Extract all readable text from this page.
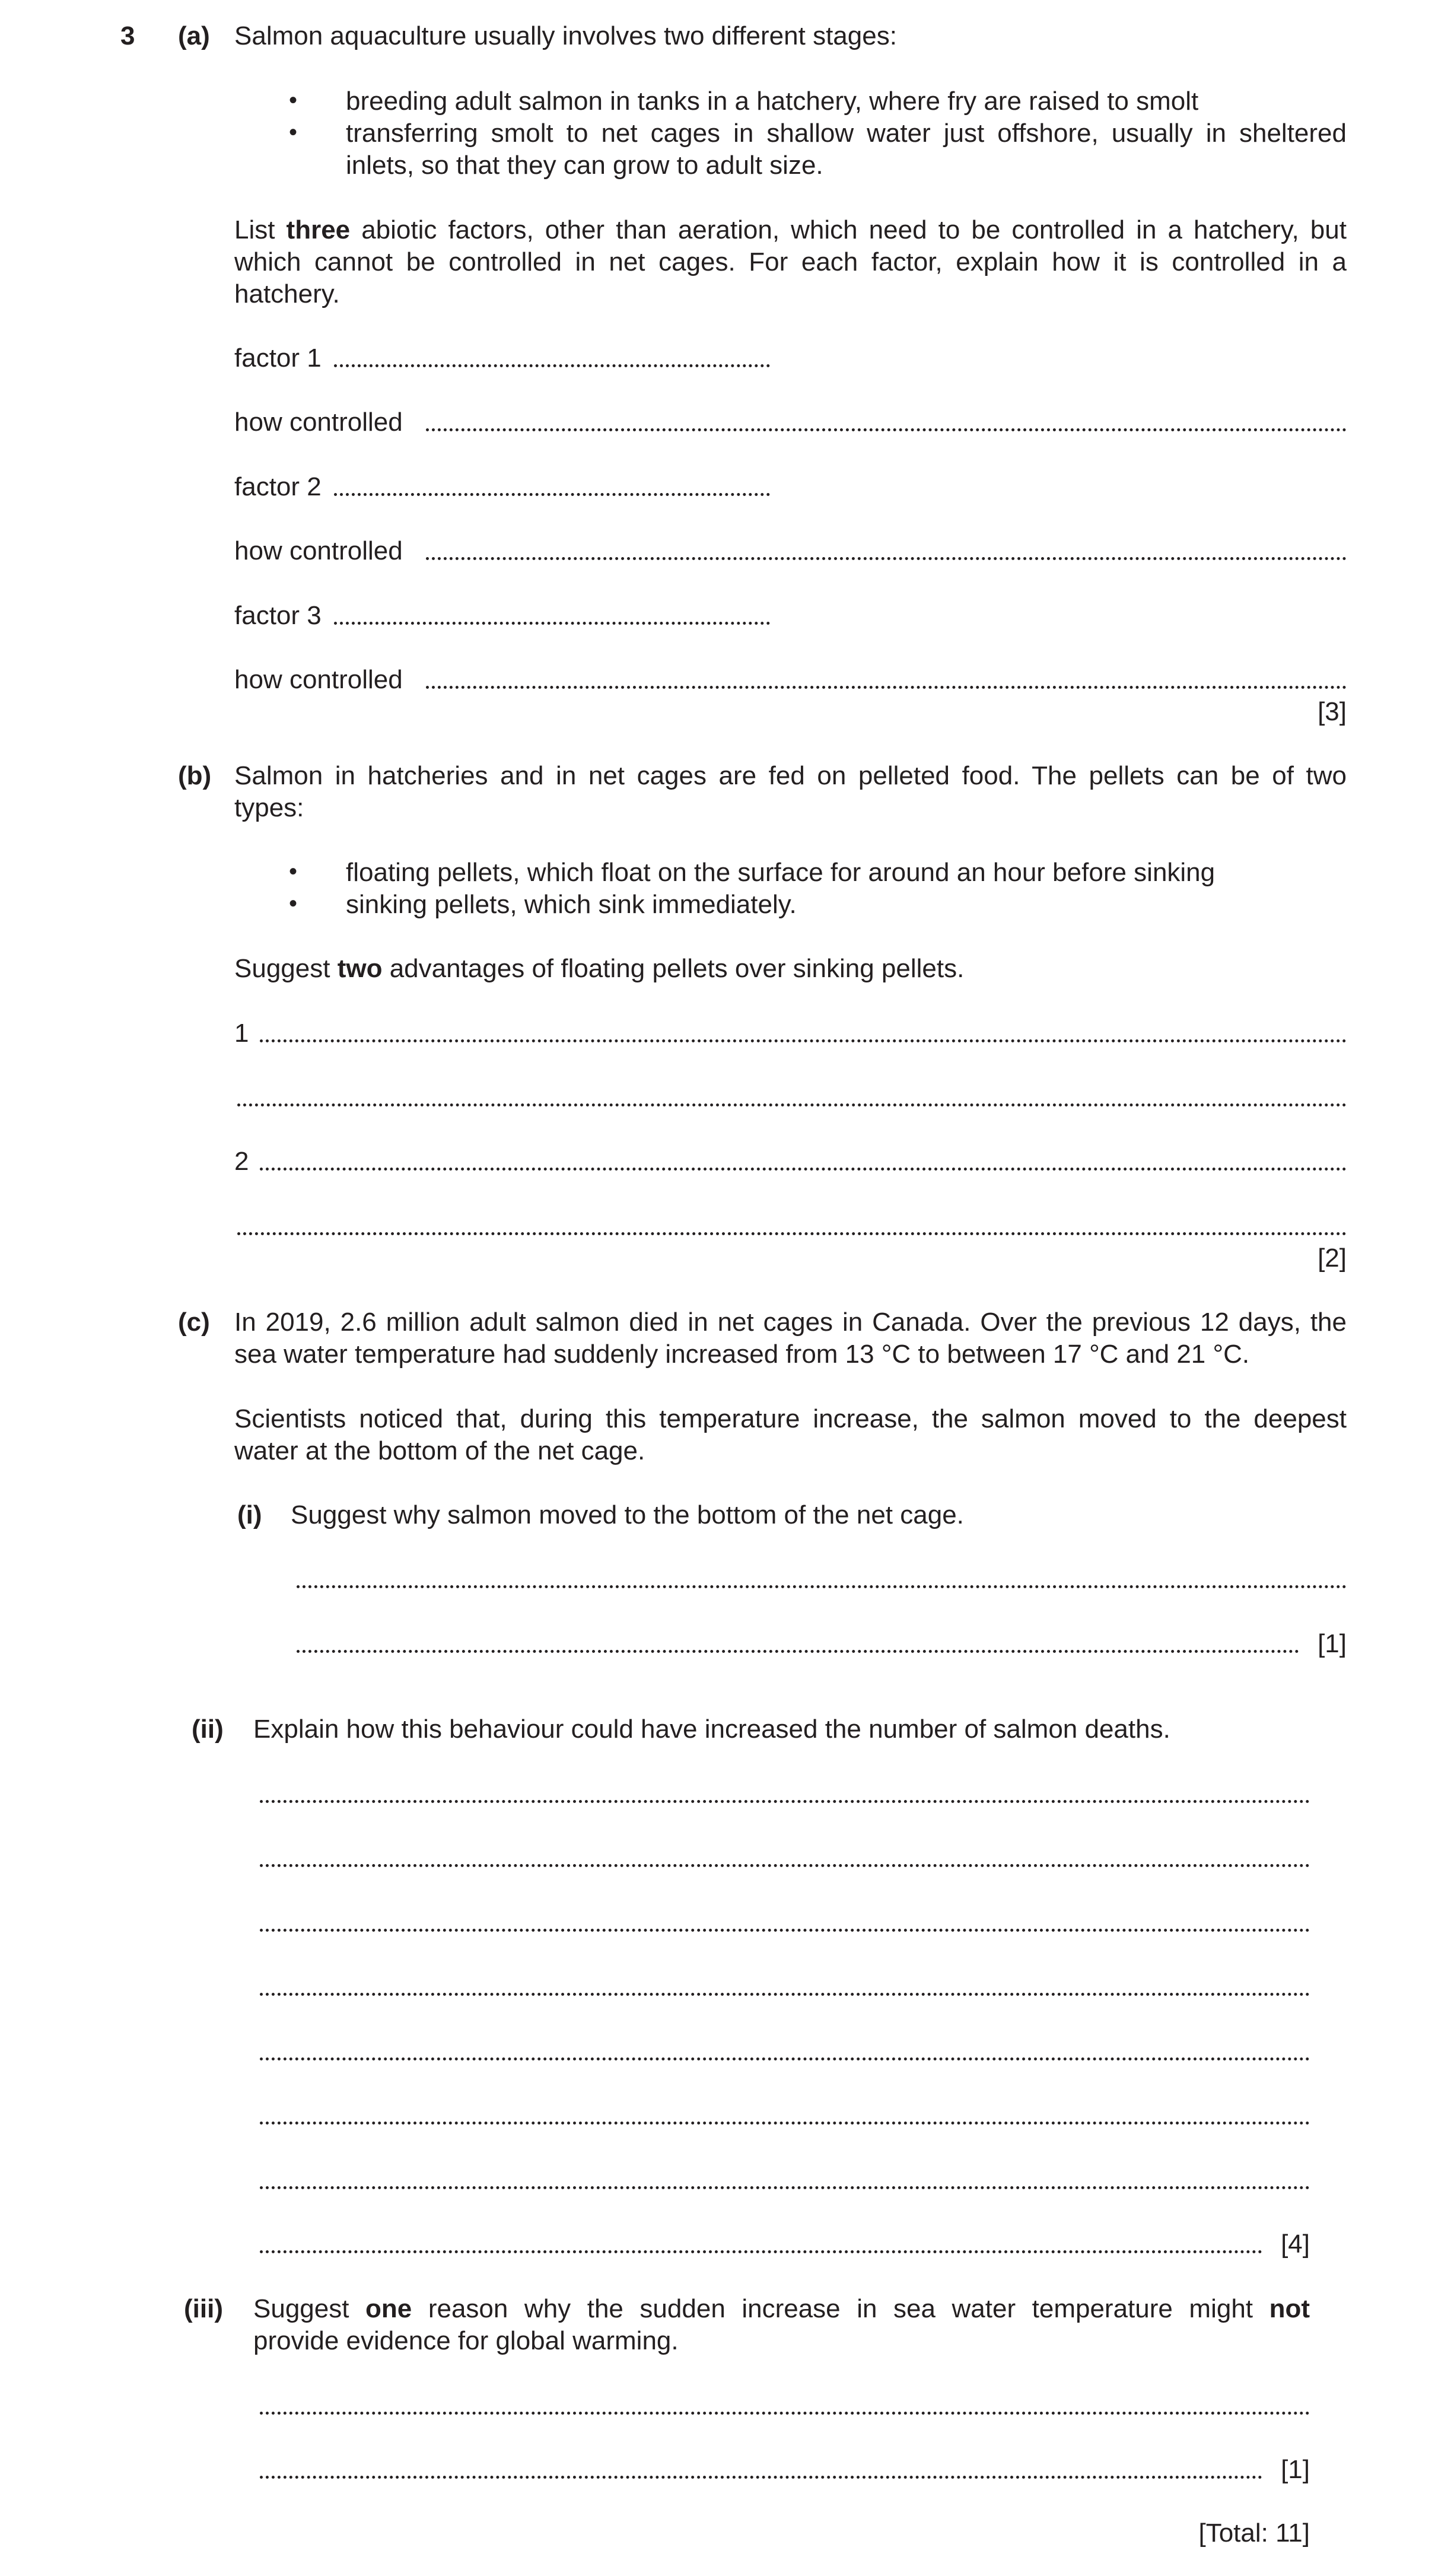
3 (a) Salmon aquaculture usually involves two different stages:
• breeding adult salmon in tanks in a hatchery, where fry are raised to smolt
• transferring smolt to net cages in shallow water just offshore, usually in sheltered
inlets, so that they can grow to adult size.
List three abiotic factors, other than aeration, which need to be controlled in a hatchery, but
which cannot be controlled in net cages. For each factor, explain how it is controlled in a
hatchery.
factor 1
how controlled
factor 2
how controlled
factor 3
how controlled
[3]
(b) Salmon in hatcheries and in net cages are fed on pelleted food. The pellets can be of two
types:
• floating pellets, which float on the surface for around an hour before sinking
• sinking pellets, which sink immediately.
Suggest two advantages of floating pellets over sinking pellets.
1
2
[2]
(c) In 2019, 2.6 million adult salmon died in net cages in Canada. Over the previous 12 days, the
sea water temperature had suddenly increased from 13 °C to between 17 °C and 21 °C.
Scientists noticed that, during this temperature increase, the salmon moved to the deepest
water at the bottom of the net cage.
(i) Suggest why salmon moved to the bottom of the net cage.
[1]
(ii) Explain how this behaviour could have increased the number of salmon deaths.
[4]
(iii) Suggest one reason why the sudden increase in sea water temperature might not
provide evidence for global warming.
[1]
[Total: 11]
